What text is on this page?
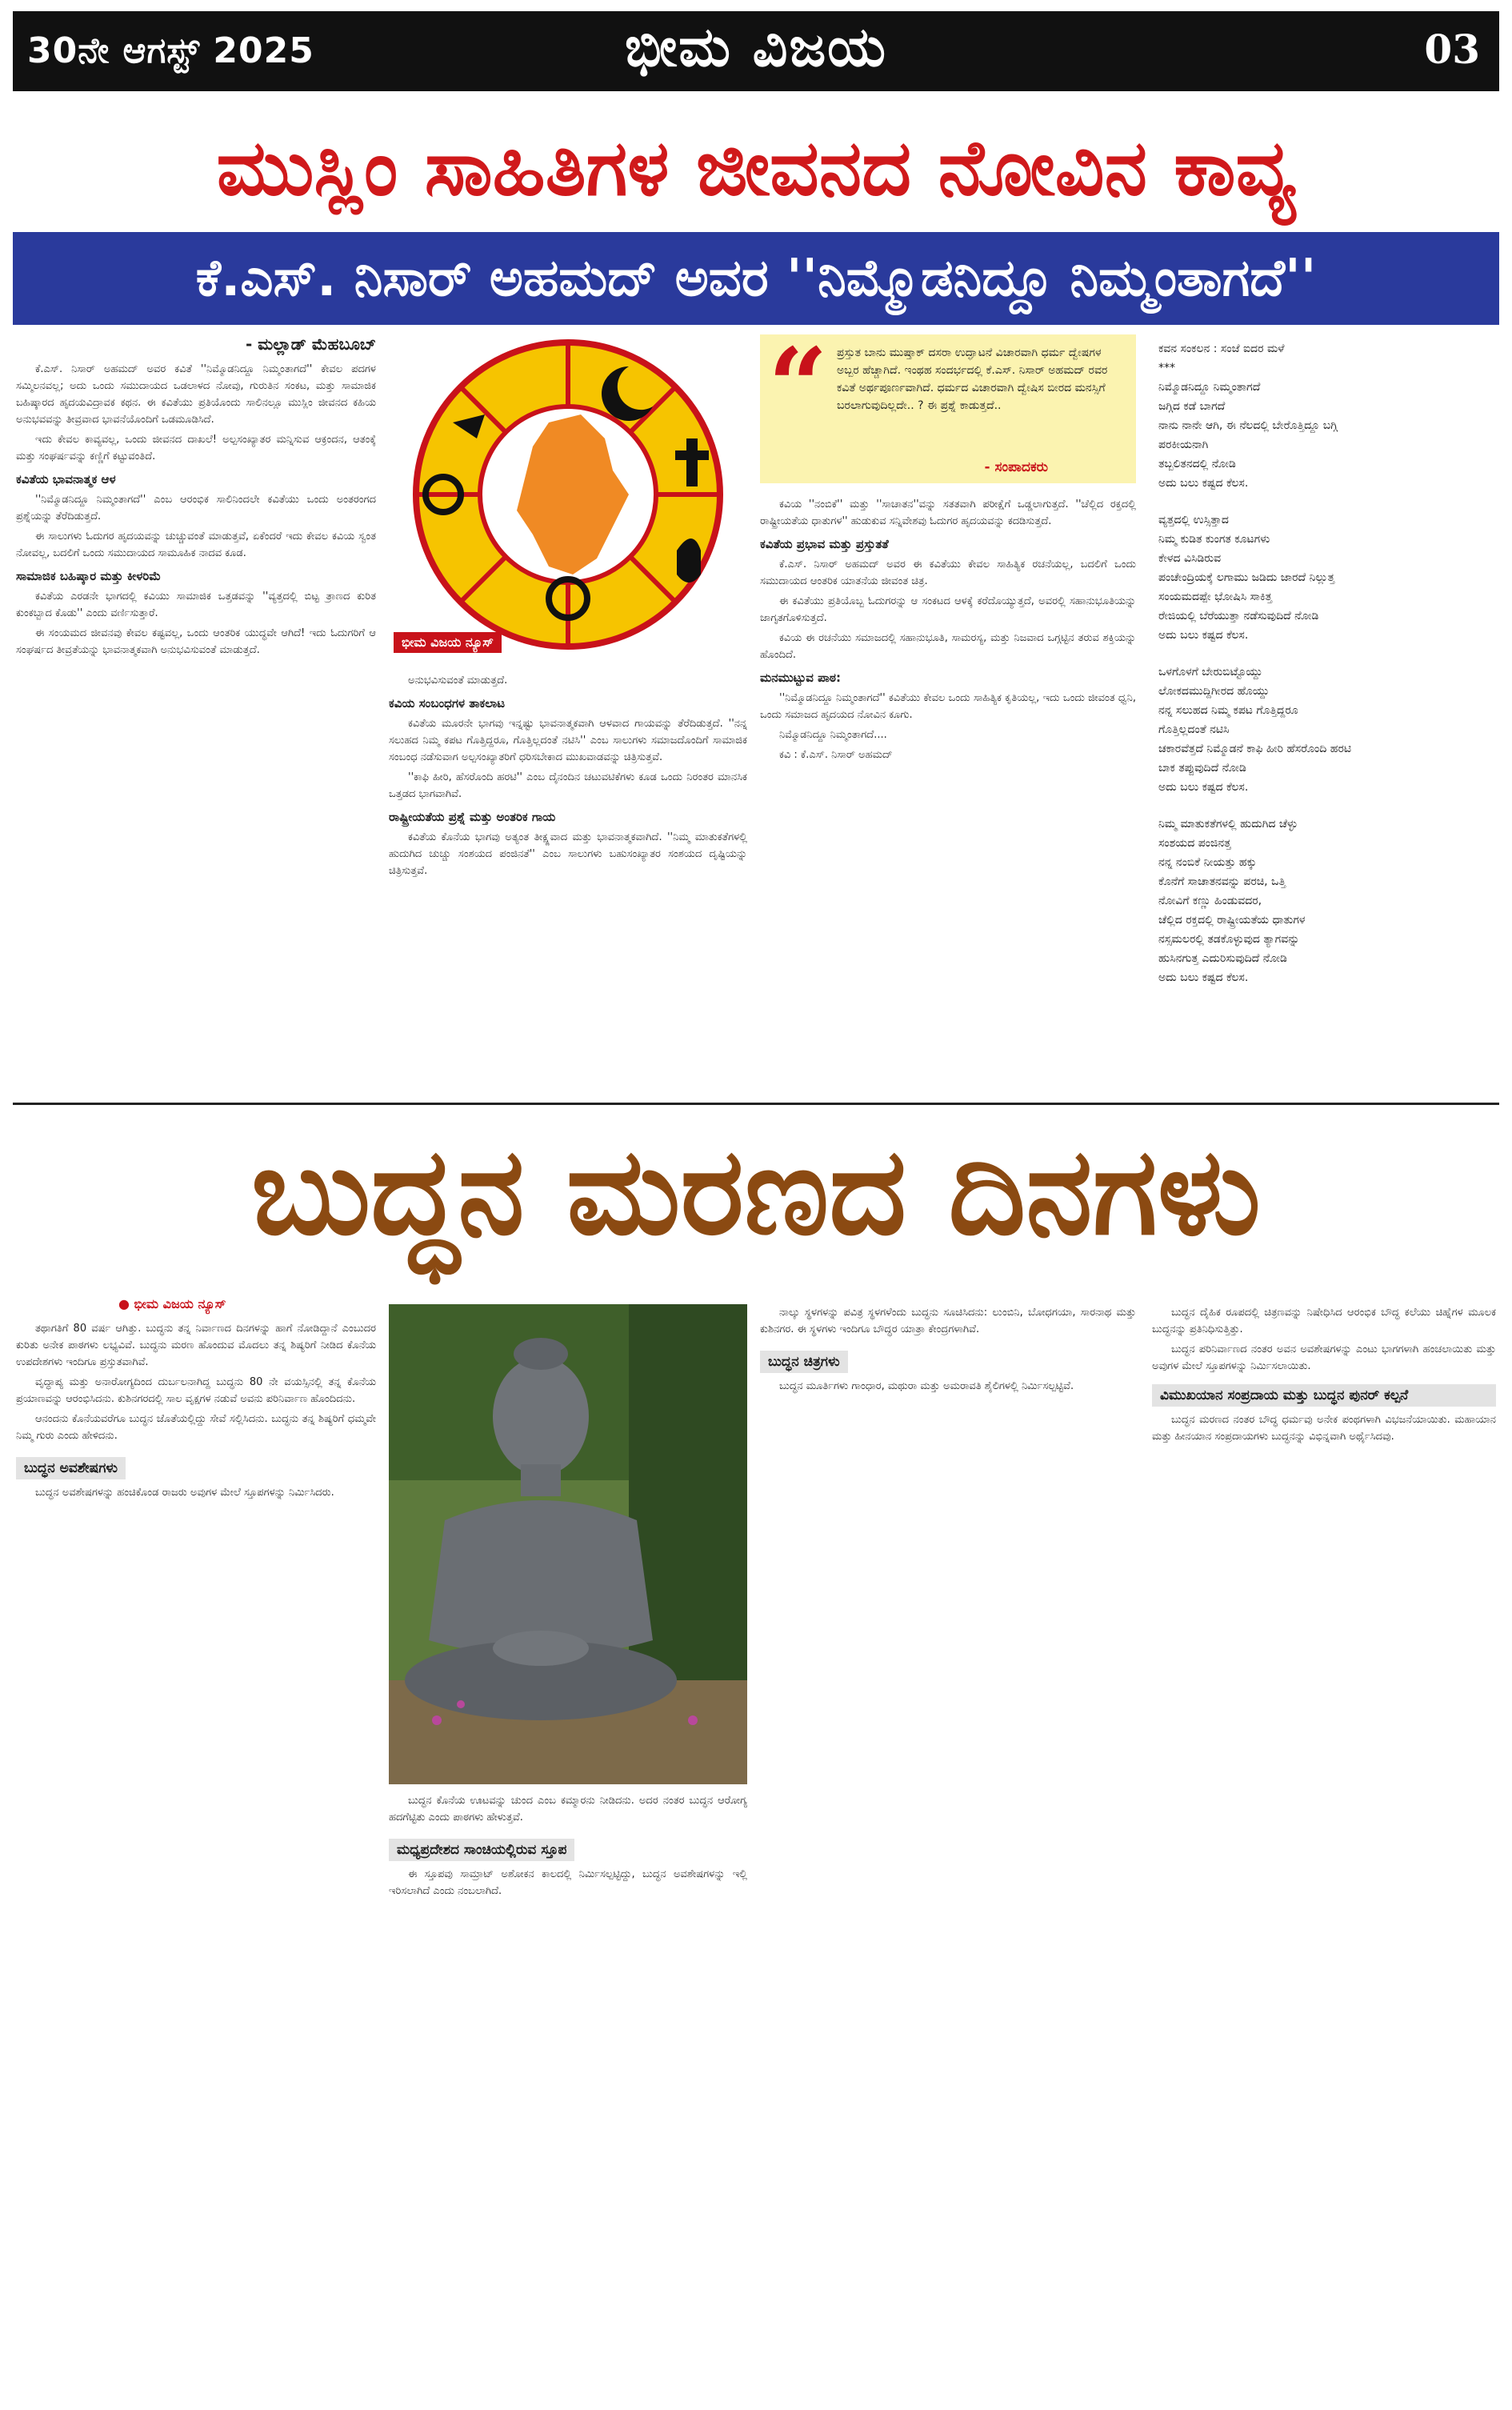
30ನೇ ಆಗಸ್ಟ್ 2025	ಭೀಮ ವಿಜಯ	03
ಮುಸ್ಲಿಂ ಸಾಹಿತಿಗಳ ಜೀವನದ ನೋವಿನ ಕಾವ್ಯ
ಕೆ.ಎಸ್. ನಿಸಾರ್ ಅಹಮದ್ ಅವರ ''ನಿಮ್ಮೊಡನಿದ್ದೂ ನಿಮ್ಮಂತಾಗದೆ''
- ಮಲ್ಲಾಡ್ ಮೆಹಬೂಬ್

ಕೆ.ಎಸ್. ನಿಸಾರ್ ಅಹಮದ್ ಅವರ ಕವಿತೆ ''ನಿಮ್ಮೊಡನಿದ್ದೂ ನಿಮ್ಮಂತಾಗದೆ'' ಕೇವಲ ಪದಗಳ ಸಮ್ಮಿಲನವಲ್ಲ; ಅದು ಒಂದು ಸಮುದಾಯದ ಒಡಲಾಳದ ನೋವು, ಗುರುತಿನ ಸಂಕಟ, ಮತ್ತು ಸಾಮಾಜಿಕ ಬಹಿಷ್ಕಾರದ ಹೃದಯವಿದ್ರಾವಕ ಕಥನ. ಈ ಕವಿತೆಯು ಪ್ರತಿಯೊಂದು ಸಾಲಿನಲ್ಲೂ ಮುಸ್ಲಿಂ ಜೀವನದ ಕಹಿಯ ಅನುಭವವನ್ನು ತೀವ್ರವಾದ ಭಾವನೆಯೊಂದಿಗೆ ಒಡಮೂಡಿಸಿದೆ.

ಇದು ಕೇವಲ ಕಾವ್ಯವಲ್ಲ, ಒಂದು ಜೀವನದ ದಾಖಲೆ! ಅಲ್ಪಸಂಖ್ಯಾತರ ಮನ್ನಿಸುವ ಆಕ್ರಂದನ, ಆತಂಕ್ಕೆ ಮತ್ತು ಸಂಘರ್ಷವನ್ನು ಕಣ್ಣಿಗೆ ಕಟ್ಟುವಂತಿದೆ.

ಕವಿತೆಯ ಭಾವನಾತ್ಮಕ ಆಳ

''ನಿಮ್ಮೊಡನಿದ್ದೂ ನಿಮ್ಮಂತಾಗದೆ'' ಎಂಬ ಆರಂಭಿಕ ಸಾಲಿನಿಂದಲೇ ಕವಿತೆಯು ಒಂದು ಅಂತರಂಗದ ಪ್ರಶ್ನೆಯನ್ನು ತೆರೆದಿಡುತ್ತದೆ.

ಈ ಸಾಲುಗಳು ಓದುಗರ ಹೃದಯವನ್ನು ಚುಚ್ಚುವಂತೆ ಮಾಡುತ್ತವೆ, ಏಕೆಂದರೆ ಇದು ಕೇವಲ ಕವಿಯ ಸ್ವಂತ ನೋವಲ್ಲ, ಬದಲಿಗೆ ಒಂದು ಸಮುದಾಯದ ಸಾಮೂಹಿಕ ನಾದವ ಕೂಡ.

ಸಾಮಾಜಿಕ ಬಹಿಷ್ಕಾರ ಮತ್ತು ಕೀಳರಿಮೆ

ಕವಿತೆಯ ಎರಡನೇ ಭಾಗದಲ್ಲಿ ಕವಿಯು ಸಾಮಾಜಿಕ ಒತ್ತಡವನ್ನು ''ವ್ಯತ್ತದಲ್ಲಿ ಬಿಟ್ಟ ತ್ರಾಣದ ಕುರಿತ ಕುಂಕಬ್ಬಾದ ಕೊಡು'' ಎಂದು ವರ್ಣಿಸುತ್ತಾರೆ.

ಈ ಸಂಯಮದ ಜೀವನವು ಕೇವಲ ಕಷ್ಟವಲ್ಲ, ಒಂದು ಆಂತರಿಕ ಯುದ್ಧವೇ ಆಗಿದೆ! ಇದು ಓದುಗರಿಗೆ ಆ ಸಂಘರ್ಷದ ತೀವ್ರತೆಯನ್ನು ಭಾವನಾತ್ಮಕವಾಗಿ ಅನುಭವಿಸುವಂತೆ ಮಾಡುತ್ತದೆ.

ಭೀಮ ವಿಜಯ ನ್ಯೂಸ್

ಅನುಭವಿಸುವಂತೆ ಮಾಡುತ್ತದೆ.

ಕವಿಯ ಸಂಬಂಧಗಳ ತಾಕಲಾಟ

ಕವಿತೆಯ ಮೂರನೇ ಭಾಗವು ಇನ್ನಷ್ಟು ಭಾವನಾತ್ಮಕವಾಗಿ ಆಳವಾದ ಗಾಯವನ್ನು ತೆರೆದಿಡುತ್ತದೆ. ''ನನ್ನ ಸಲುಹದ ನಿಮ್ಮ ಕಪಟ ಗೊತ್ತಿದ್ದರೂ, ಗೊತ್ತಿಲ್ಲದಂತೆ ನಟಿಸಿ'' ಎಂಬ ಸಾಲುಗಳು ಸಮಾಜದೊಂದಿಗೆ ಸಾಮಾಜಿಕ ಸಂಬಂಧ ನಡೆಸುವಾಗ ಅಲ್ಪಸಂಖ್ಯಾತರಿಗೆ ಧರಿಸಬೇಕಾದ ಮುಖವಾಡವನ್ನು ಚಿತ್ರಿಸುತ್ತವೆ.

''ಕಾಫಿ ಹೀರಿ, ಹೆಸರೊಂದಿ ಹರಟಿ'' ಎಂಬ ದೈನಂದಿನ ಚಟುವಟಿಕೆಗಳು ಕೂಡ ಒಂದು ನಿರಂತರ ಮಾನಸಿಕ ಒತ್ತಡದ ಭಾಗವಾಗಿವೆ.

ರಾಷ್ಟ್ರೀಯತೆಯ ಪ್ರಶ್ನೆ ಮತ್ತು ಅಂತರಿಕ ಗಾಯ

ಕವಿತೆಯ ಕೊನೆಯ ಭಾಗವು ಅತ್ಯಂತ ತೀಕ್ಷ್ಣವಾದ ಮತ್ತು ಭಾವನಾತ್ಮಕವಾಗಿದೆ. ''ನಿಮ್ಮ ಮಾತುಕತೆಗಳಲ್ಲಿ ಹುದುಗಿದ ಚುಚ್ಚು ಸಂಶಯದ ಪಂಜಿನತೆ'' ಎಂಬ ಸಾಲುಗಳು ಬಹುಸಂಖ್ಯಾತರ ಸಂಶಯದ ದೃಷ್ಟಿಯನ್ನು ಚಿತ್ರಿಸುತ್ತವೆ.

“ ಪ್ರಸ್ತುತ ಬಾನು ಮುಷ್ತಾಕ್ ದಸರಾ ಉದ್ಘಾಟನೆ ವಿಚಾರವಾಗಿ ಧರ್ಮ ದ್ವೇಷಗಳ ಅಬ್ಬರ ಹೆಚ್ಚಾಗಿದೆ. ಇಂಥಹ ಸಂದರ್ಭದಲ್ಲಿ ಕೆ.ಎಸ್. ನಿಸಾರ್ ಅಹಮದ್ ರವರ ಕವಿತೆ ಅರ್ಥಪೂರ್ಣವಾಗಿದೆ. ಧರ್ಮದ ವಿಚಾರವಾಗಿ ದ್ವೇಷಿಸ ಬೀರದ ಮನಸ್ಸಿಗೆ ಬರಲಾಗುವುದಿಲ್ಲದೇ.. ? ಈ ಪ್ರಶ್ನೆ ಕಾಡುತ್ತದೆ..
- ಸಂಪಾದಕರು

ಕವಿಯ ''ನಂಬಿಕೆ'' ಮತ್ತು ''ಸಾಚಾತನ''ವನ್ನು ಸತತವಾಗಿ ಪರೀಕ್ಷೆಗೆ ಒಡ್ಡಲಾಗುತ್ತದೆ. ''ಚೆಲ್ಲಿದ ರಕ್ತದಲ್ಲಿ ರಾಷ್ಟ್ರೀಯತೆಯ ಧಾತುಗಳ'' ಹುಡುಕುವ ಸನ್ನಿವೇಶವು ಓದುಗರ ಹೃದಯವನ್ನು ಕದಡಿಸುತ್ತದೆ.

ಕವಿತೆಯ ಪ್ರಭಾವ ಮತ್ತು ಪ್ರಸ್ತುತತೆ

ಕೆ.ಎಸ್. ನಿಸಾರ್ ಅಹಮದ್ ಅವರ ಈ ಕವಿತೆಯು ಕೇವಲ ಸಾಹಿತ್ಯಿಕ ರಚನೆಯಲ್ಲ, ಬದಲಿಗೆ ಒಂದು ಸಮುದಾಯದ ಆಂತರಿಕ ಯಾತನೆಯ ಜೀವಂತ ಚಿತ್ರ.

ಈ ಕವಿತೆಯು ಪ್ರತಿಯೊಬ್ಬ ಓದುಗರನ್ನು ಆ ಸಂಕಟದ ಆಳಕ್ಕೆ ಕರೆದೊಯ್ಯುತ್ತದೆ, ಅವರಲ್ಲಿ ಸಹಾನುಭೂತಿಯನ್ನು ಜಾಗೃತಗೊಳಿಸುತ್ತದೆ.

ಕವಿಯ ಈ ರಚನೆಯು ಸಮಾಜದಲ್ಲಿ ಸಹಾನುಭೂತಿ, ಸಾಮರಸ್ಯ, ಮತ್ತು ನಿಜವಾದ ಒಗ್ಗಟ್ಟಿನ ತರುವ ಶಕ್ತಿಯನ್ನು ಹೊಂದಿದೆ.

ಮನಮುಟ್ಟುವ ಪಾಠ:

''ನಿಮ್ಮೊಡನಿದ್ದೂ ನಿಮ್ಮಂತಾಗದೆ'' ಕವಿತೆಯು ಕೇವಲ ಒಂದು ಸಾಹಿತ್ಯಿಕ ಕೃತಿಯಲ್ಲ, ಇದು ಒಂದು ಜೀವಂತ ಧ್ವನಿ, ಒಂದು ಸಮಾಜದ ಹೃದಯದ ನೋವಿನ ಕೂಗು.

ನಿಮ್ಮೊಡನಿದ್ದೂ ನಿಮ್ಮಂತಾಗದೆ....

ಕವಿ : ಕೆ.ಎಸ್. ನಿಸಾರ್ ಅಹಮದ್

ಕವನ ಸಂಕಲನ : ಸಂಜೆ ಐದರ ಮಳೆ
***
ನಿಮ್ಮೊಡನಿದ್ದೂ ನಿಮ್ಮಂತಾಗದೆ
ಜಗ್ಗಿದ ಕಡೆ ಬಾಗದೆ
ನಾನು ನಾನೇ ಆಗಿ, ಈ ನೆಲದಲ್ಲಿ ಬೇರೊತ್ತಿದ್ದೂ ಬಗ್ಗಿ
ಪರಕೀಯನಾಗಿ
ತಬ್ಬಲಿತನದಲ್ಲಿ ನೋಡಿ
ಅದು ಬಲು ಕಷ್ಟದ ಕೆಲಸ.
ವ್ಯತ್ತದಲ್ಲಿ ಉಸ್ಸಿತ್ತಾದ
ನಿಮ್ಮ ಕುಡಿತ ಕುಂಗತ ಕೂಟಗಳು
ಕೇಳದ ವಿಸಿಡಿರುವ
ಪಂಚೇಂದ್ರಿಯಕ್ಕೆ ಲಗಾಮು ಜಡಿದು ಜಾರದೆ ನಿಲ್ಲುತ್ತ
ಸಂಯಮದಪ್ಪೇ ಭೋಷಿಸಿ ಸಾಕಿತ್ತ
ರೇಜಿಯಲ್ಲಿ ಬೆರೆಯುತ್ತಾ ನಡೆಸುವುದಿದೆ ನೋಡಿ
ಅದು ಬಲು ಕಷ್ಟದ ಕೆಲಸ.
ಒಳಗೊಳಗೆ ಬೇರುಬಿಟ್ಟೊಯ್ದು
ಲೋಕದಮುದ್ದಿಗೀರದ ಹೊಯ್ದು
ನನ್ನ ಸಲುಹದ ನಿಮ್ಮ ಕಪಟ ಗೊತ್ತಿದ್ದರೂ
ಗೊತ್ತಿಲ್ಲದಂತೆ ನಟಿಸಿ
ಚಕಾರವೆತ್ತದೆ ನಿಮ್ಮೊಡನೆ ಕಾಫಿ ಹೀರಿ ಹೆಸರೊಂದಿ ಹರಟಿ
ಬಾಕ ತಪ್ಪುವುದಿದೆ ನೋಡಿ
ಅದು ಬಲು ಕಷ್ಟದ ಕೆಲಸ.
ನಿಮ್ಮ ಮಾತುಕತೆಗಳಲ್ಲಿ ಹುದುಗಿದ ಚೆಳ್ಳು
ಸಂಶಯದ ಪಂಜಿನತ್ತ
ನನ್ನ ನಂಬಿಕೆ ನೀಯತ್ತು ಹಕ್ಕು
ಕೊನೆಗೆ ಸಾಚಾತನವನ್ನು ಪರಚಿ, ಒತ್ತಿ
ನೋವಿಗೆ ಕಣ್ಣು ಹಿಂಡುವದರ,
ಚೆಲ್ಲಿದ ರಕ್ತದಲ್ಲಿ ರಾಷ್ಟ್ರೀಯತೆಯ ಧಾತುಗಳ
ನಸ್ಸಮಲರಲ್ಲಿ ತಡಕೊಳ್ಳುವುದ ತ್ಯಾಗವನ್ನು
ಹುಸಿನಗುತ್ತ ಎದುರಿಸುವುದಿದೆ ನೋಡಿ
ಅದು ಬಲು ಕಷ್ಟದ ಕೆಲಸ.
ಬುದ್ಧನ ಮರಣದ ದಿನಗಳು
● ಭೀಮ ವಿಜಯ ನ್ಯೂಸ್

ತಥಾಗತಿಗೆ 80 ವರ್ಷ ಆಗಿತ್ತು. ಬುದ್ಧನು ತನ್ನ ನಿರ್ವಾಣದ ದಿನಗಳನ್ನು ಹಾಗೆ ನೋಡಿದ್ದಾನೆ ಎಂಬುದರ ಕುರಿತು ಅನೇಕ ಪಾಠಗಳು ಲಭ್ಯವಿವೆ. ಬುದ್ಧನು ಮರಣ ಹೊಂದುವ ಮೊದಲು ತನ್ನ ಶಿಷ್ಯರಿಗೆ ನೀಡಿದ ಕೊನೆಯ ಉಪದೇಶಗಳು ಇಂದಿಗೂ ಪ್ರಸ್ತುತವಾಗಿವೆ.

ವೃದ್ಧಾಪ್ಯ ಮತ್ತು ಅನಾರೋಗ್ಯದಿಂದ ದುರ್ಬಲನಾಗಿದ್ದ ಬುದ್ಧನು 80 ನೇ ವಯಸ್ಸಿನಲ್ಲಿ ತನ್ನ ಕೊನೆಯ ಪ್ರಯಾಣವನ್ನು ಆರಂಭಿಸಿದನು. ಕುಶಿನಗರದಲ್ಲಿ ಸಾಲ ವೃಕ್ಷಗಳ ನಡುವೆ ಅವನು ಪರಿನಿರ್ವಾಣ ಹೊಂದಿದನು.

ಆನಂದನು ಕೊನೆಯವರೆಗೂ ಬುದ್ಧನ ಜೊತೆಯಲ್ಲಿದ್ದು ಸೇವೆ ಸಲ್ಲಿಸಿದನು. ಬುದ್ಧನು ತನ್ನ ಶಿಷ್ಯರಿಗೆ ಧಮ್ಮವೇ ನಿಮ್ಮ ಗುರು ಎಂದು ಹೇಳಿದನು.

ಬುದ್ಧನ ಅವಶೇಷಗಳು

ಬುದ್ಧನ ಅವಶೇಷಗಳನ್ನು ಹಂಚಿಕೊಂಡ ರಾಜರು ಅವುಗಳ ಮೇಲೆ ಸ್ತೂಪಗಳನ್ನು ನಿರ್ಮಿಸಿದರು.

ಬುದ್ಧನ ಕೊನೆಯ ಊಟವನ್ನು ಚುಂದ ಎಂಬ ಕಮ್ಮಾರನು ನೀಡಿದನು. ಅದರ ನಂತರ ಬುದ್ಧನ ಆರೋಗ್ಯ ಹದಗೆಟ್ಟಿತು ಎಂದು ಪಾಠಗಳು ಹೇಳುತ್ತವೆ.

ಮಧ್ಯಪ್ರದೇಶದ ಸಾಂಚಿಯಲ್ಲಿರುವ ಸ್ತೂಪ

ಈ ಸ್ತೂಪವು ಸಾಮ್ರಾಟ್ ಅಶೋಕನ ಕಾಲದಲ್ಲಿ ನಿರ್ಮಿಸಲ್ಪಟ್ಟಿದ್ದು, ಬುದ್ಧನ ಅವಶೇಷಗಳನ್ನು ಇಲ್ಲಿ ಇರಿಸಲಾಗಿದೆ ಎಂದು ನಂಬಲಾಗಿದೆ.

ನಾಲ್ಕು ಸ್ಥಳಗಳನ್ನು ಪವಿತ್ರ ಸ್ಥಳಗಳೆಂದು ಬುದ್ಧನು ಸೂಚಿಸಿದನು: ಲುಂಬಿನಿ, ಬೋಧಗಯಾ, ಸಾರನಾಥ ಮತ್ತು ಕುಶಿನಗರ. ಈ ಸ್ಥಳಗಳು ಇಂದಿಗೂ ಬೌದ್ಧರ ಯಾತ್ರಾ ಕೇಂದ್ರಗಳಾಗಿವೆ.

ಬುದ್ಧನ ಚಿತ್ರಗಳು

ಬುದ್ಧನ ಮೂರ್ತಿಗಳು ಗಾಂಧಾರ, ಮಥುರಾ ಮತ್ತು ಅಮರಾವತಿ ಶೈಲಿಗಳಲ್ಲಿ ನಿರ್ಮಿಸಲ್ಪಟ್ಟಿವೆ.

ಬುದ್ಧನ ದೈಹಿಕ ರೂಪದಲ್ಲಿ ಚಿತ್ರಣವನ್ನು ನಿಷೇಧಿಸಿದ ಆರಂಭಿಕ ಬೌದ್ಧ ಕಲೆಯು ಚಿಹ್ನೆಗಳ ಮೂಲಕ ಬುದ್ಧನನ್ನು ಪ್ರತಿನಿಧಿಸುತ್ತಿತ್ತು.

ಬುದ್ಧನ ಪರಿನಿರ್ವಾಣದ ನಂತರ ಅವನ ಅವಶೇಷಗಳನ್ನು ಎಂಟು ಭಾಗಗಳಾಗಿ ಹಂಚಲಾಯಿತು ಮತ್ತು ಅವುಗಳ ಮೇಲೆ ಸ್ತೂಪಗಳನ್ನು ನಿರ್ಮಿಸಲಾಯಿತು.

ವಿಮುಖಯಾನ ಸಂಪ್ರದಾಯ ಮತ್ತು ಬುದ್ಧನ ಪುನರ್ ಕಲ್ಪನೆ

ಬುದ್ಧನ ಮರಣದ ನಂತರ ಬೌದ್ಧ ಧರ್ಮವು ಅನೇಕ ಪಂಥಗಳಾಗಿ ವಿಭಜನೆಯಾಯಿತು. ಮಹಾಯಾನ ಮತ್ತು ಹೀನಯಾನ ಸಂಪ್ರದಾಯಗಳು ಬುದ್ಧನನ್ನು ವಿಭಿನ್ನವಾಗಿ ಅರ್ಥೈಸಿದವು.
